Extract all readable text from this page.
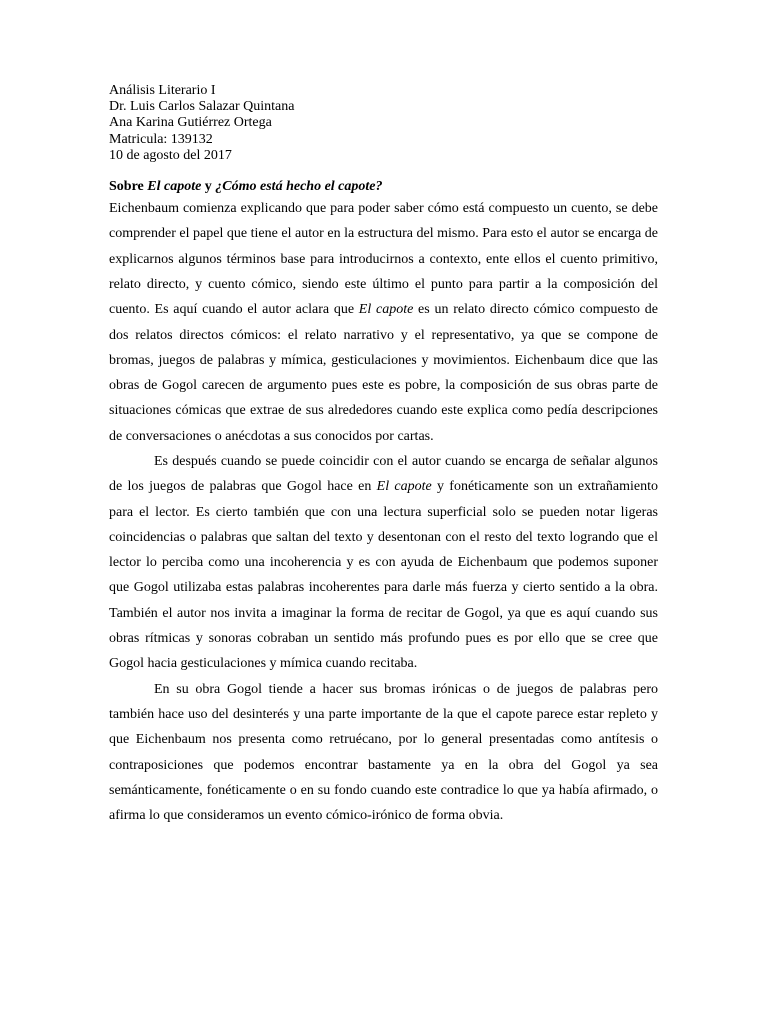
Análisis Literario I
Dr. Luis Carlos Salazar Quintana
Ana Karina Gutiérrez Ortega
Matricula: 139132
10 de agosto del 2017
Sobre El capote y ¿Cómo está hecho el capote?

Eichenbaum comienza explicando que para poder saber cómo está compuesto un cuento, se debe comprender el papel que tiene el autor en la estructura del mismo. Para esto el autor se encarga de explicarnos algunos términos base para introducirnos a contexto, ente ellos el cuento primitivo, relato directo, y cuento cómico, siendo este último el punto para partir a la composición del cuento. Es aquí cuando el autor aclara que El capote es un relato directo cómico compuesto de dos relatos directos cómicos: el relato narrativo y el representativo, ya que se compone de bromas, juegos de palabras y mímica, gesticulaciones y movimientos. Eichenbaum dice que las obras de Gogol carecen de argumento pues este es pobre, la composición de sus obras parte de situaciones cómicas que extrae de sus alrededores cuando este explica como pedía descripciones de conversaciones o anécdotas a sus conocidos por cartas.

Es después cuando se puede coincidir con el autor cuando se encarga de señalar algunos de los juegos de palabras que Gogol hace en El capote y fonéticamente son un extrañamiento para el lector. Es cierto también que con una lectura superficial solo se pueden notar ligeras coincidencias o palabras que saltan del texto y desentonan con el resto del texto logrando que el lector lo perciba como una incoherencia y es con ayuda de Eichenbaum que podemos suponer que Gogol utilizaba estas palabras incoherentes para darle más fuerza y cierto sentido a la obra. También el autor nos invita a imaginar la forma de recitar de Gogol, ya que es aquí cuando sus obras rítmicas y sonoras cobraban un sentido más profundo pues es por ello que se cree que Gogol hacia gesticulaciones y mímica cuando recitaba.

En su obra Gogol tiende a hacer sus bromas irónicas o de juegos de palabras pero también hace uso del desinterés y una parte importante de la que el capote parece estar repleto y que Eichenbaum nos presenta como retruécano, por lo general presentadas como antítesis o contraposiciones que podemos encontrar bastamente ya en la obra del Gogol ya sea semánticamente, fonéticamente o en su fondo cuando este contradice lo que ya había afirmado, o afirma lo que consideramos un evento cómico-irónico de forma obvia.
